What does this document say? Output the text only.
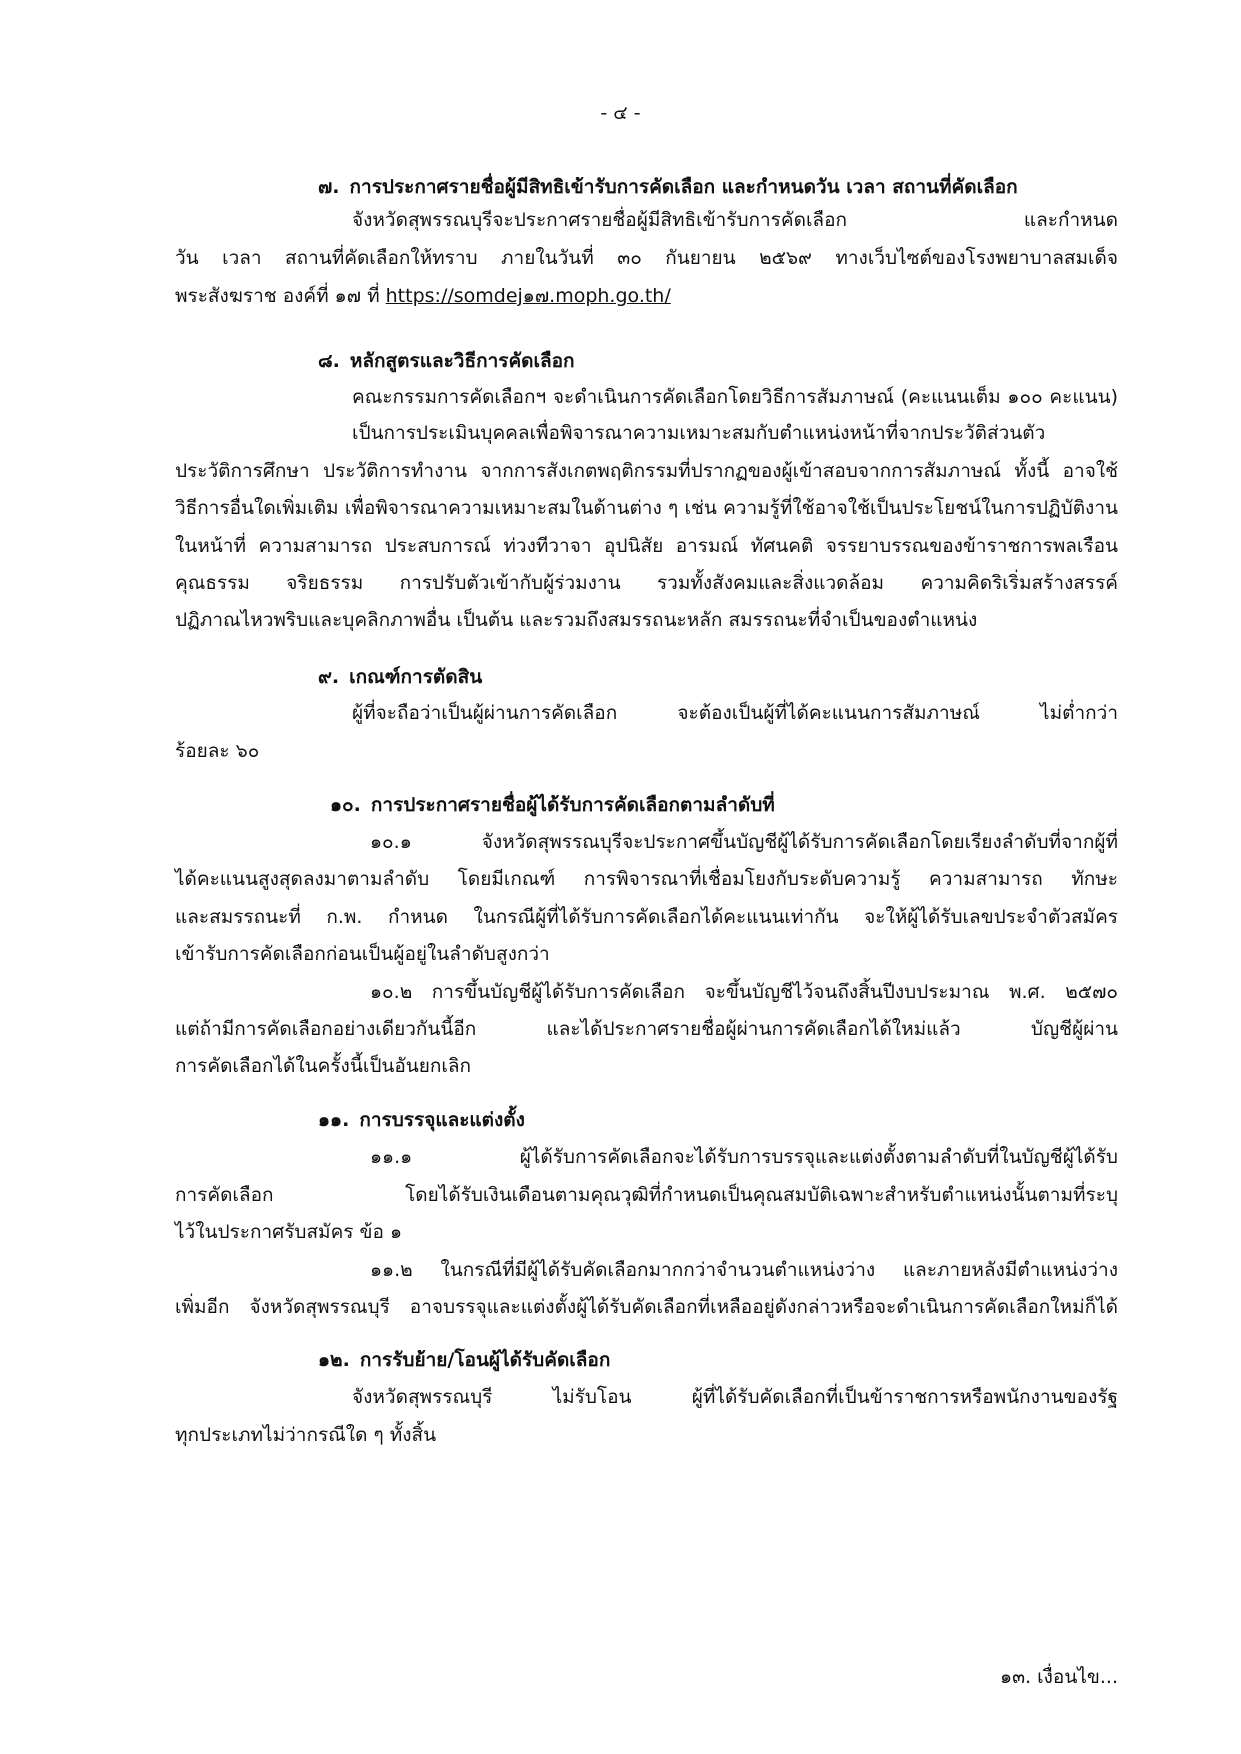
- ๔ -
๗. การประกาศรายชื่อผู้มีสิทธิเข้ารับการคัดเลือก และกำหนดวัน เวลา สถานที่คัดเลือก
จังหวัดสุพรรณบุรีจะประกาศรายชื่อผู้มีสิทธิเข้ารับการคัดเลือก และกำหนด
วัน เวลา สถานที่คัดเลือกให้ทราบ ภายในวันที่ ๓๐ กันยายน ๒๕๖๙ ทางเว็บไซต์ของโรงพยาบาลสมเด็จ
พระสังฆราช องค์ที่ ๑๗ ที่ https://somdej๑๗.moph.go.th/
๘. หลักสูตรและวิธีการคัดเลือก
คณะกรรมการคัดเลือกฯ จะดำเนินการคัดเลือกโดยวิธีการสัมภาษณ์ (คะแนนเต็ม ๑๐๐ คะแนน)
เป็นการประเมินบุคคลเพื่อพิจารณาความเหมาะสมกับตำแหน่งหน้าที่จากประวัติส่วนตัว
ประวัติการศึกษา ประวัติการทำงาน จากการสังเกตพฤติกรรมที่ปรากฏของผู้เข้าสอบจากการสัมภาษณ์ ทั้งนี้ อาจใช้
วิธีการอื่นใดเพิ่มเติม เพื่อพิจารณาความเหมาะสมในด้านต่าง ๆ เช่น ความรู้ที่ใช้อาจใช้เป็นประโยชน์ในการปฏิบัติงาน
ในหน้าที่ ความสามารถ ประสบการณ์ ท่วงทีวาจา อุปนิสัย อารมณ์ ทัศนคติ จรรยาบรรณของข้าราชการพลเรือน
คุณธรรม จริยธรรม การปรับตัวเข้ากับผู้ร่วมงาน รวมทั้งสังคมและสิ่งแวดล้อม ความคิดริเริ่มสร้างสรรค์
ปฏิภาณไหวพริบและบุคลิกภาพอื่น เป็นต้น และรวมถึงสมรรถนะหลัก สมรรถนะที่จำเป็นของตำแหน่ง
๙. เกณฑ์การตัดสิน
ผู้ที่จะถือว่าเป็นผู้ผ่านการคัดเลือก จะต้องเป็นผู้ที่ได้คะแนนการสัมภาษณ์ ไม่ต่ำกว่า
ร้อยละ ๖๐
๑๐. การประกาศรายชื่อผู้ได้รับการคัดเลือกตามลำดับที่
๑๐.๑ จังหวัดสุพรรณบุรีจะประกาศขึ้นบัญชีผู้ได้รับการคัดเลือกโดยเรียงลำดับที่จากผู้ที่
ได้คะแนนสูงสุดลงมาตามลำดับ โดยมีเกณฑ์ การพิจารณาที่เชื่อมโยงกับระดับความรู้ ความสามารถ ทักษะ
และสมรรถนะที่ ก.พ. กำหนด ในกรณีผู้ที่ได้รับการคัดเลือกได้คะแนนเท่ากัน จะให้ผู้ได้รับเลขประจำตัวสมัคร
เข้ารับการคัดเลือกก่อนเป็นผู้อยู่ในลำดับสูงกว่า
๑๐.๒ การขึ้นบัญชีผู้ได้รับการคัดเลือก จะขึ้นบัญชีไว้จนถึงสิ้นปีงบประมาณ พ.ศ. ๒๕๗๐
แต่ถ้ามีการคัดเลือกอย่างเดียวกันนี้อีก และได้ประกาศรายชื่อผู้ผ่านการคัดเลือกได้ใหม่แล้ว บัญชีผู้ผ่าน
การคัดเลือกได้ในครั้งนี้เป็นอันยกเลิก
๑๑. การบรรจุและแต่งตั้ง
๑๑.๑ ผู้ได้รับการคัดเลือกจะได้รับการบรรจุและแต่งตั้งตามลำดับที่ในบัญชีผู้ได้รับ
การคัดเลือก โดยได้รับเงินเดือนตามคุณวุฒิที่กำหนดเป็นคุณสมบัติเฉพาะสำหรับตำแหน่งนั้นตามที่ระบุ
ไว้ในประกาศรับสมัคร ข้อ ๑
๑๑.๒ ในกรณีที่มีผู้ได้รับคัดเลือกมากกว่าจำนวนตำแหน่งว่าง และภายหลังมีตำแหน่งว่าง
เพิ่มอีก จังหวัดสุพรรณบุรี อาจบรรจุและแต่งตั้งผู้ได้รับคัดเลือกที่เหลืออยู่ดังกล่าวหรือจะดำเนินการคัดเลือกใหม่ก็ได้
๑๒. การรับย้าย/โอนผู้ได้รับคัดเลือก
จังหวัดสุพรรณบุรี ไม่รับโอน ผู้ที่ได้รับคัดเลือกที่เป็นข้าราชการหรือพนักงานของรัฐ
ทุกประเภทไม่ว่ากรณีใด ๆ ทั้งสิ้น
๑๓. เงื่อนไข...
